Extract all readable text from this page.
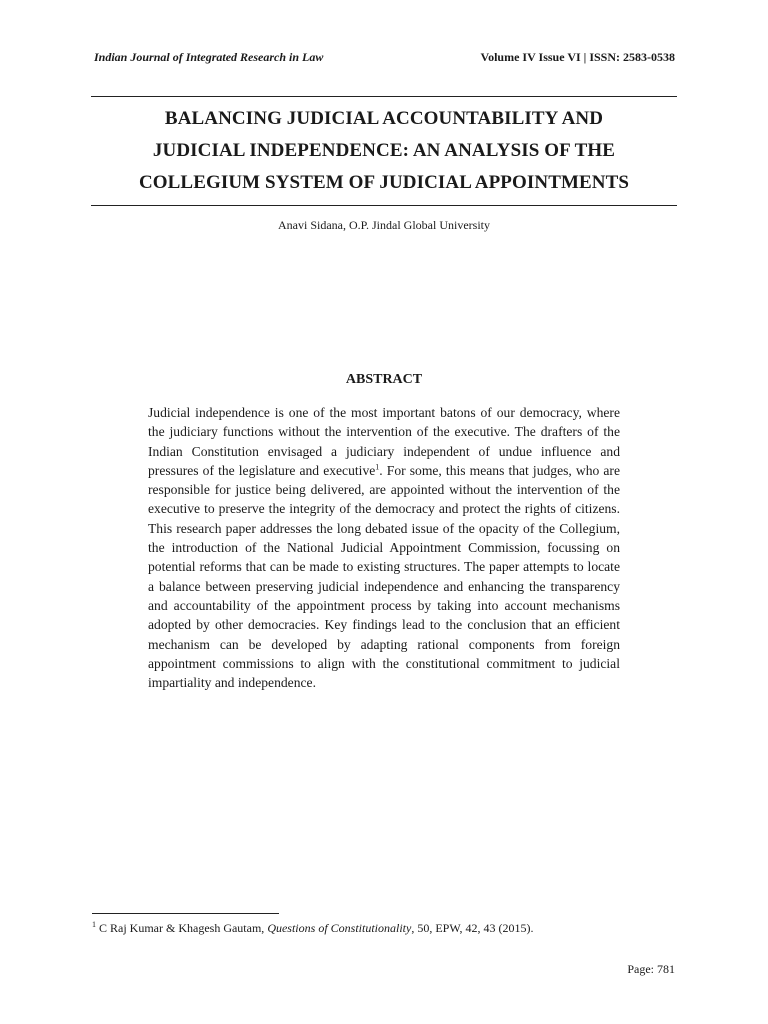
Indian Journal of Integrated Research in Law	Volume IV Issue VI | ISSN: 2583-0538
BALANCING JUDICIAL ACCOUNTABILITY AND
JUDICIAL INDEPENDENCE: AN ANALYSIS OF THE
COLLEGIUM SYSTEM OF JUDICIAL APPOINTMENTS
Anavi Sidana, O.P. Jindal Global University
ABSTRACT
Judicial independence is one of the most important batons of our democracy, where the judiciary functions without the intervention of the executive. The drafters of the Indian Constitution envisaged a judiciary independent of undue influence and pressures of the legislature and executive$^1$. For some, this means that judges, who are responsible for justice being delivered, are appointed without the intervention of the executive to preserve the integrity of the democracy and protect the rights of citizens. This research paper addresses the long debated issue of the opacity of the Collegium, the introduction of the National Judicial Appointment Commission, focussing on potential reforms that can be made to existing structures. The paper attempts to locate a balance between preserving judicial independence and enhancing the transparency and accountability of the appointment process by taking into account mechanisms adopted by other democracies. Key findings lead to the conclusion that an efficient mechanism can be developed by adapting rational components from foreign appointment commissions to align with the constitutional commitment to judicial impartiality and independence.
$^1$ C Raj Kumar & Khagesh Gautam, Questions of Constitutionality, 50, EPW, 42, 43 (2015).
Page: 781
